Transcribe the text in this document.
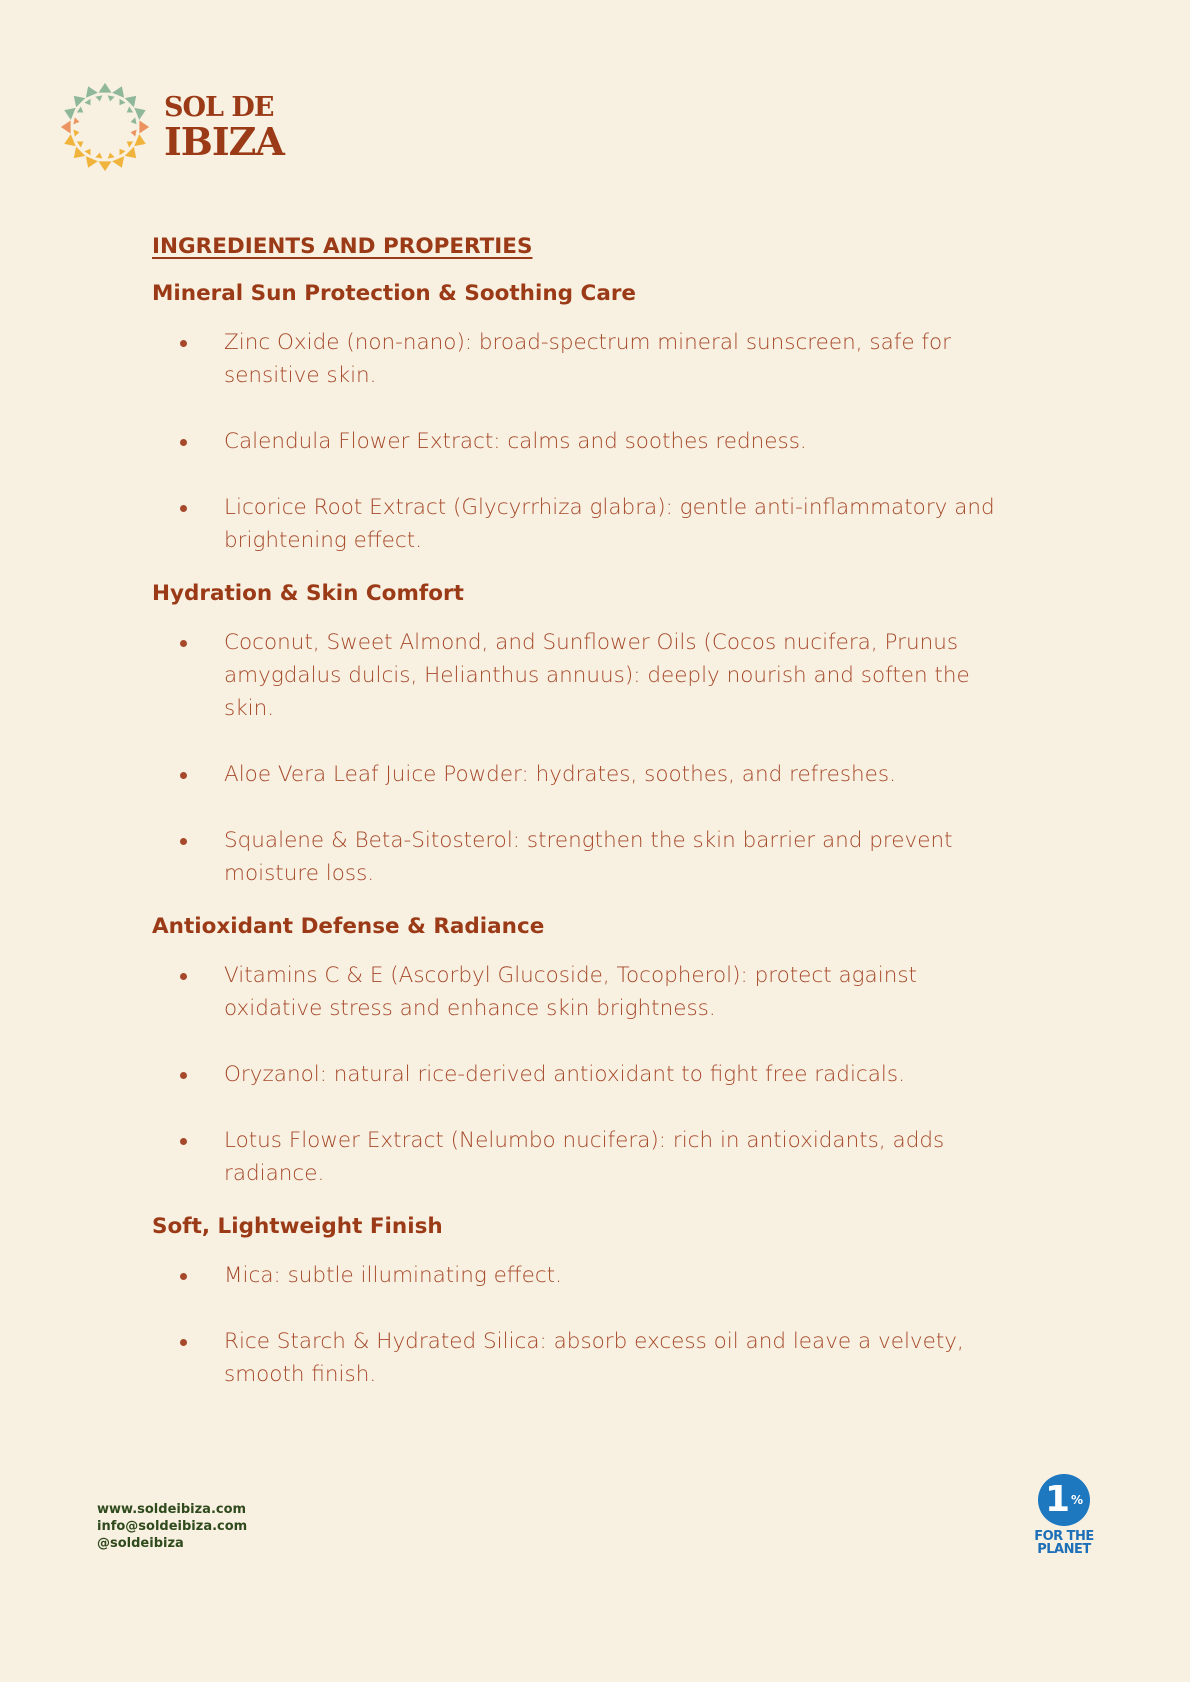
SOL DE
IBIZA
INGREDIENTS AND PROPERTIES
Mineral Sun Protection & Soothing Care
Zinc Oxide (non-nano): broad-spectrum mineral sunscreen, safe for sensitive skin.
Calendula Flower Extract: calms and soothes redness.
Licorice Root Extract (Glycyrrhiza glabra): gentle anti-inflammatory and brightening effect.
Hydration & Skin Comfort
Coconut, Sweet Almond, and Sunflower Oils (Cocos nucifera, Prunus amygdalus dulcis, Helianthus annuus): deeply nourish and soften the skin.
Aloe Vera Leaf Juice Powder: hydrates, soothes, and refreshes.
Squalene & Beta-Sitosterol: strengthen the skin barrier and prevent moisture loss.
Antioxidant Defense & Radiance
Vitamins C & E (Ascorbyl Glucoside, Tocopherol): protect against oxidative stress and enhance skin brightness.
Oryzanol: natural rice-derived antioxidant to fight free radicals.
Lotus Flower Extract (Nelumbo nucifera): rich in antioxidants, adds radiance.
Soft, Lightweight Finish
Mica: subtle illuminating effect.
Rice Starch & Hydrated Silica: absorb excess oil and leave a velvety, smooth finish.
www.soldeibiza.com
info@soldeibiza.com
@soldeibiza
1 %
FOR THE
PLANET
